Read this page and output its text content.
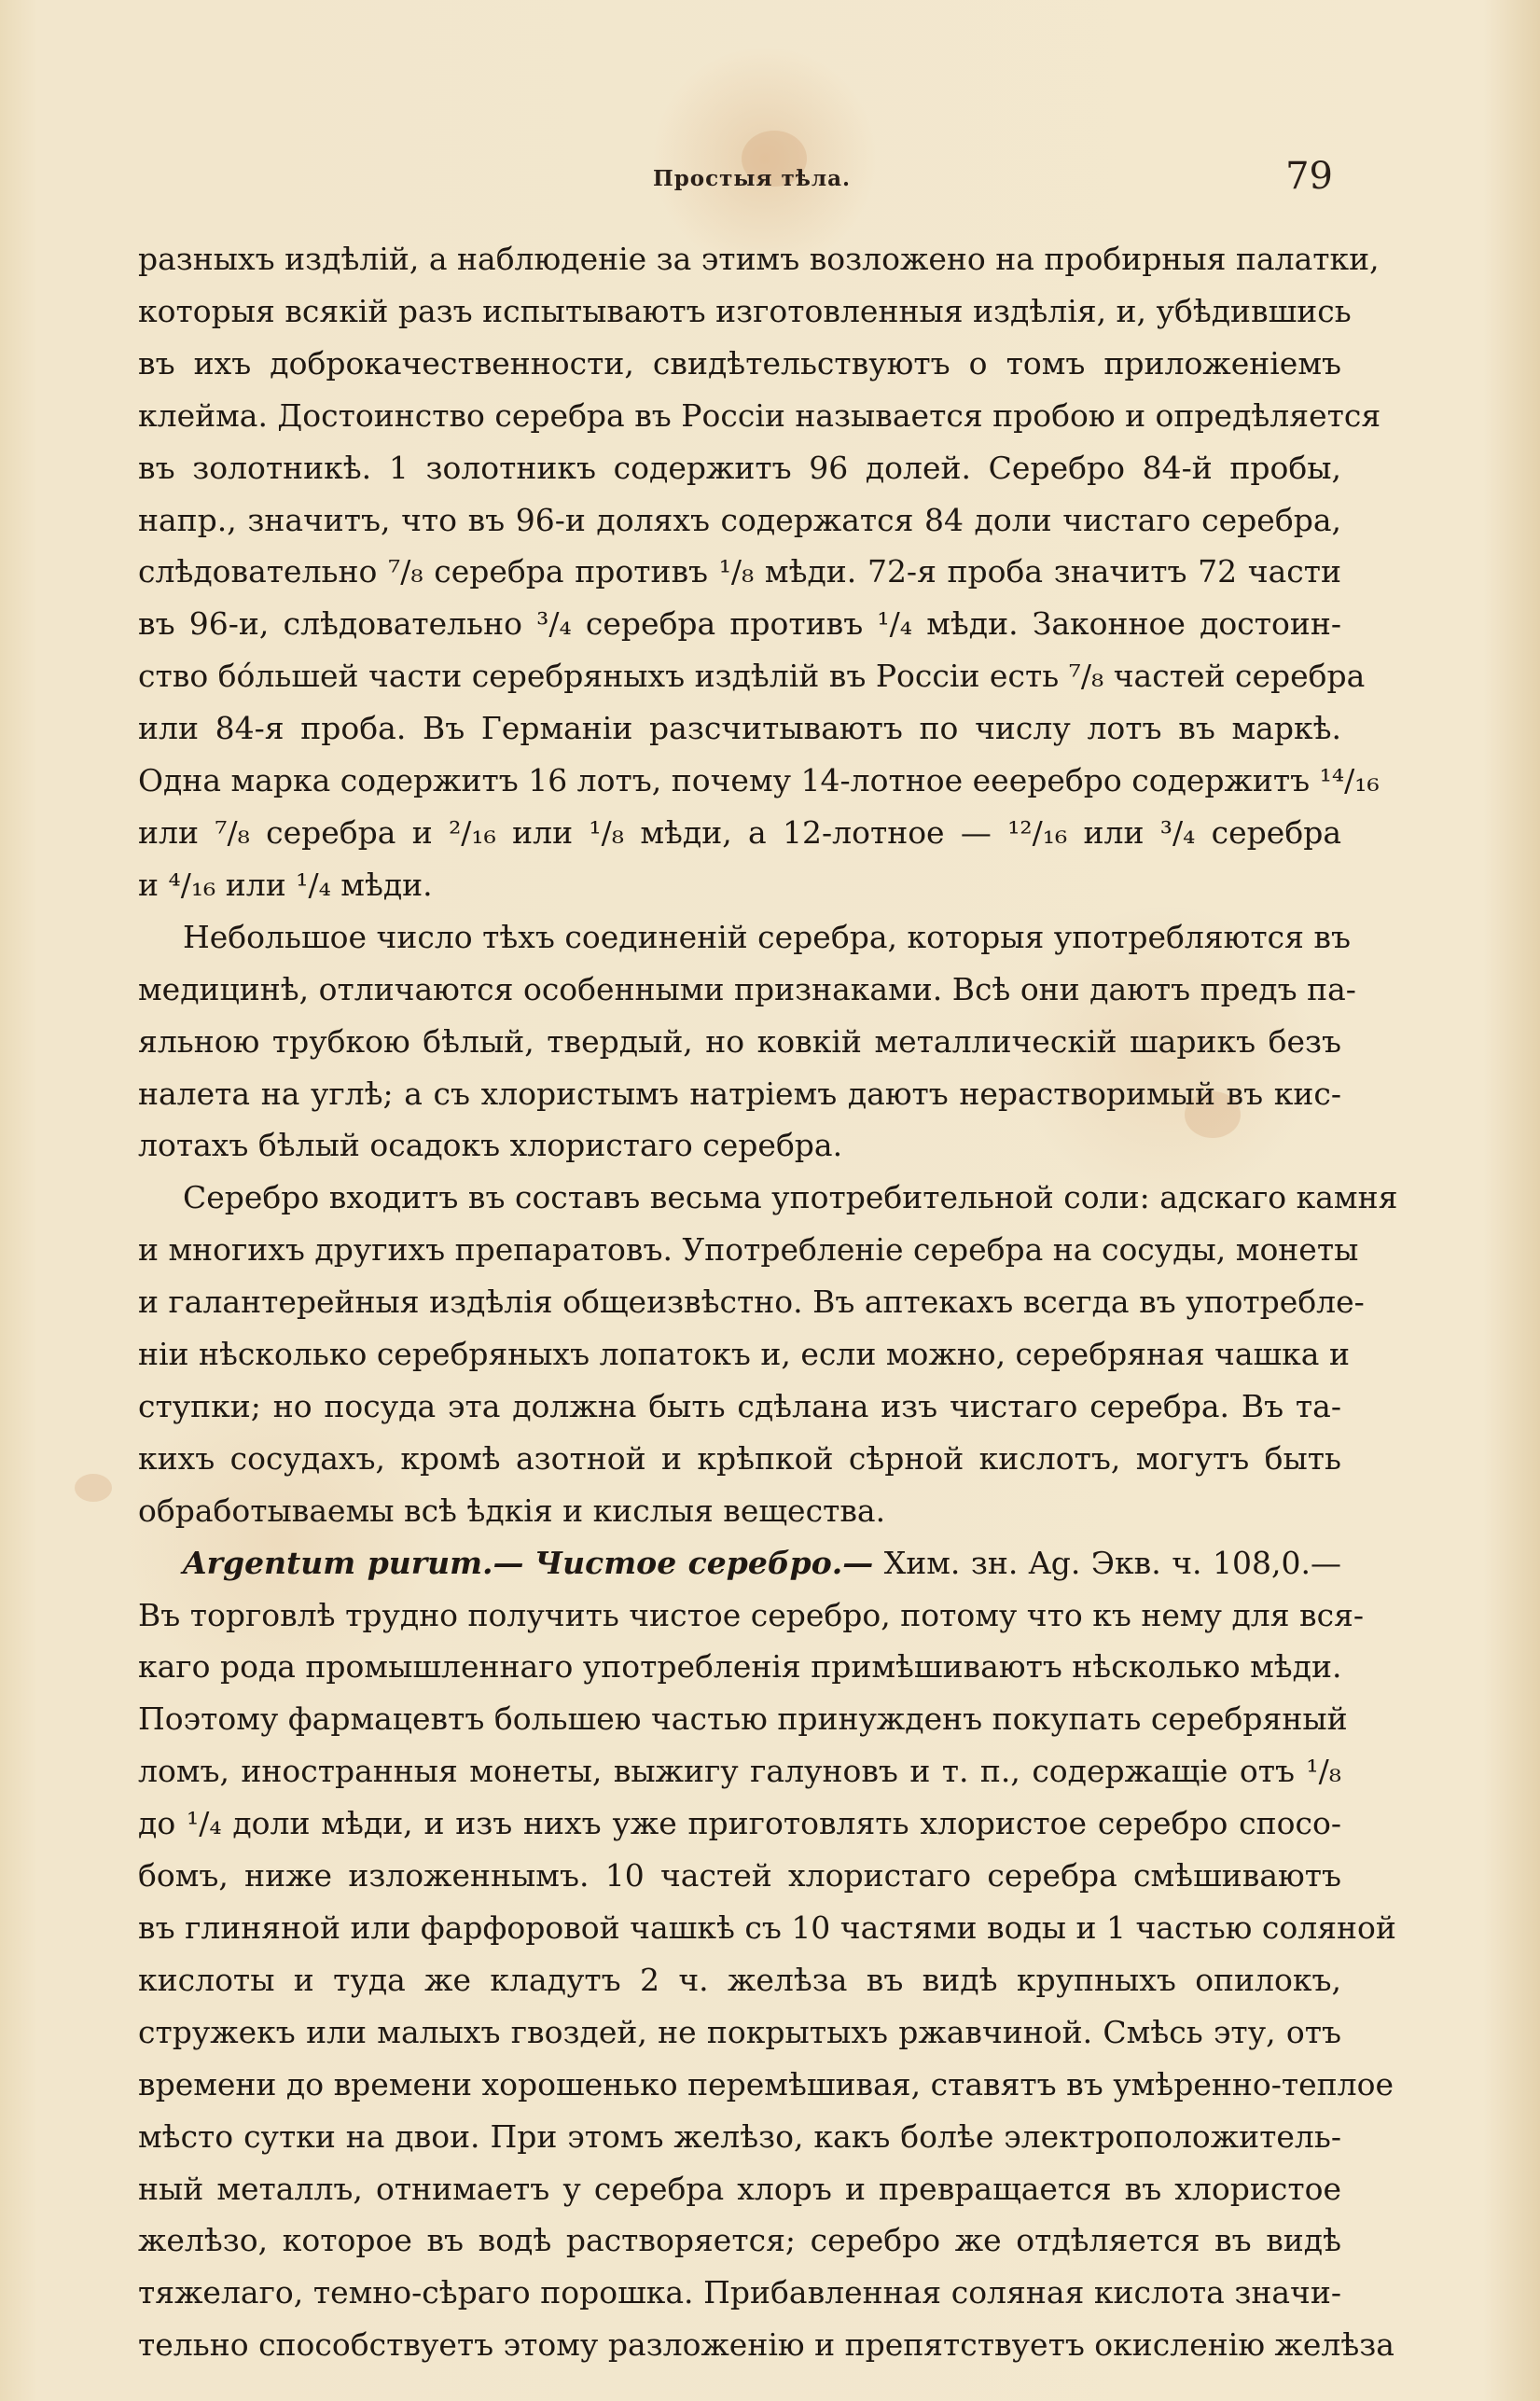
Простыя тѣла.	79
разныхъ издѣлій, а наблюденіе за этимъ возложено на пробирныя палатки,
которыя всякій разъ испытываютъ изготовленныя издѣлія, и, убѣдившись
въ ихъ доброкачественности, свидѣтельствуютъ о томъ приложеніемъ
клейма. Достоинство серебра въ Россіи называется пробою и опредѣляется
въ золотникѣ. 1 золотникъ содержитъ 96 долей. Серебро 84-й пробы,
напр., значитъ, что въ 96-и доляхъ содержатся 84 доли чистаго серебра,
слѣдовательно ⁷/₈ серебра противъ ¹/₈ мѣди. 72-я проба значитъ 72 части
въ 96-и, слѣдовательно ³/₄ серебра противъ ¹/₄ мѣди. Законное достоин-
ство бóльшей части серебряныхъ издѣлій въ Россіи есть ⁷/₈ частей серебра
или 84-я проба. Въ Германіи разсчитываютъ по числу лотъ въ маркѣ.
Одна марка содержитъ 16 лотъ, почему 14-лотное еееребро содержитъ ¹⁴/₁₆
или ⁷/₈ серебра и ²/₁₆ или ¹/₈ мѣди, а 12-лотное — ¹²/₁₆ или ³/₄ серебра
и ⁴/₁₆ или ¹/₄ мѣди.
Небольшое число тѣхъ соединеній серебра, которыя употребляются въ
медицинѣ, отличаются особенными признаками. Всѣ они даютъ предъ па-
яльною трубкою бѣлый, твердый, но ковкій металлическій шарикъ безъ
налета на углѣ; а съ хлористымъ натріемъ даютъ нерастворимый въ кис-
лотахъ бѣлый осадокъ хлористаго серебра.
Серебро входитъ въ составъ весьма употребительной соли: адскаго камня
и многихъ другихъ препаратовъ. Употребленіе серебра на сосуды, монеты
и галантерейныя издѣлія общеизвѣстно. Въ аптекахъ всегда въ употребле-
ніи нѣсколько серебряныхъ лопатокъ и, если можно, серебряная чашка и
ступки; но посуда эта должна быть сдѣлана изъ чистаго серебра. Въ та-
кихъ сосудахъ, кромѣ азотной и крѣпкой сѣрной кислотъ, могутъ быть
обработываемы всѣ ѣдкія и кислыя вещества.
Argentum purum.— Чистое серебро.— Хим. зн. Ag. Экв. ч. 108,0.—
Въ торговлѣ трудно получить чистое серебро, потому что къ нему для вся-
каго рода промышленнаго употребленія примѣшиваютъ нѣсколько мѣди.
Поэтому фармацевтъ большею частью принужденъ покупать серебряный
ломъ, иностранныя монеты, выжигу галуновъ и т. п., содержащіе отъ ¹/₈
до ¹/₄ доли мѣди, и изъ нихъ уже приготовлять хлористое серебро спосо-
бомъ, ниже изложеннымъ. 10 частей хлористаго серебра смѣшиваютъ
въ глиняной или фарфоровой чашкѣ съ 10 частями воды и 1 частью соляной
кислоты и туда же кладутъ 2 ч. желѣза въ видѣ крупныхъ опилокъ,
стружекъ или малыхъ гвоздей, не покрытыхъ ржавчиной. Смѣсь эту, отъ
времени до времени хорошенько перемѣшивая, ставятъ въ умѣренно-теплое
мѣсто сутки на двои. При этомъ желѣзо, какъ болѣе электроположитель-
ный металлъ, отнимаетъ у серебра хлоръ и превращается въ хлористое
желѣзо, которое въ водѣ растворяется; серебро же отдѣляется въ видѣ
тяжелаго, темно-сѣраго порошка. Прибавленная соляная кислота значи-
тельно способствуетъ этому разложенію и препятствуетъ окисленію желѣза
